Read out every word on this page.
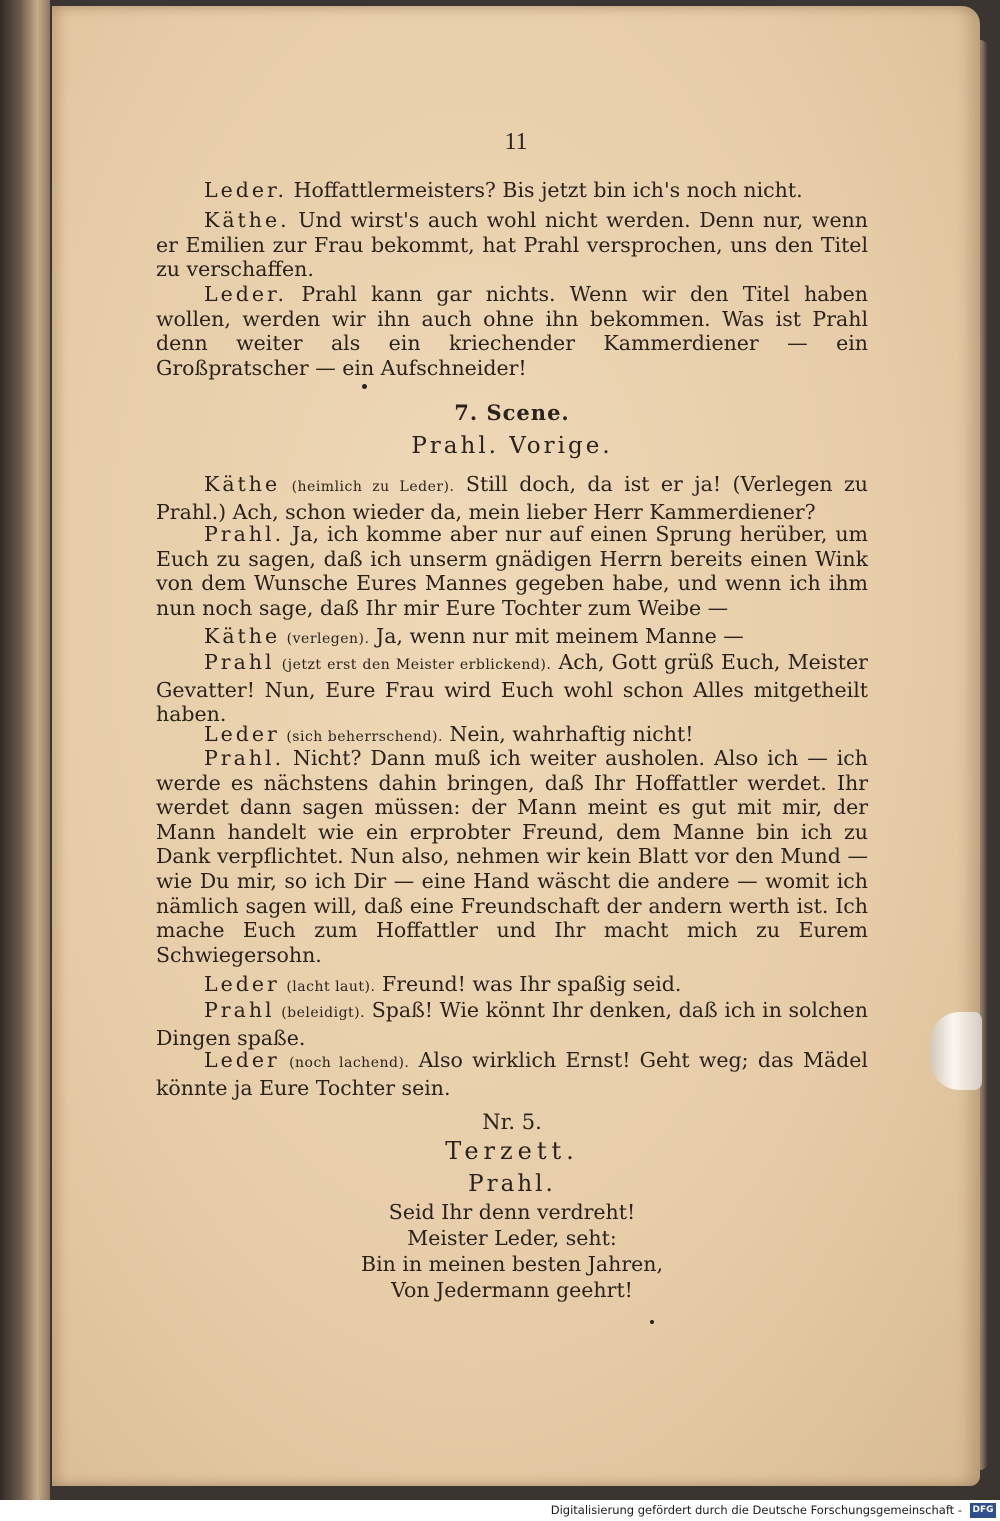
11

Leder. Hoffattlermeisters? Bis jetzt bin ich's noch nicht.

Käthe. Und wirst's auch wohl nicht werden. Denn nur, wenn er Emilien zur Frau bekommt, hat Prahl versprochen, uns den Titel zu verschaffen.

Leder. Prahl kann gar nichts. Wenn wir den Titel haben wollen, werden wir ihn auch ohne ihn bekommen. Was ist Prahl denn weiter als ein kriechender Kammerdiener — ein Großpratscher — ein Aufschneider!

7. Scene.
Prahl. Vorige.

Käthe (heimlich zu Leder). Still doch, da ist er ja! (Verlegen zu Prahl.) Ach, schon wieder da, mein lieber Herr Kammerdiener?

Prahl. Ja, ich komme aber nur auf einen Sprung herüber, um Euch zu sagen, daß ich unserm gnädigen Herrn bereits einen Wink von dem Wunsche Eures Mannes gegeben habe, und wenn ich ihm nun noch sage, daß Ihr mir Eure Tochter zum Weibe —

Käthe (verlegen). Ja, wenn nur mit meinem Manne —

Prahl (jetzt erst den Meister erblickend). Ach, Gott grüß Euch, Meister Gevatter! Nun, Eure Frau wird Euch wohl schon Alles mitgetheilt haben.

Leder (sich beherrschend). Nein, wahrhaftig nicht!

Prahl. Nicht? Dann muß ich weiter ausholen. Also ich — ich werde es nächstens dahin bringen, daß Ihr Hoffattler werdet. Ihr werdet dann sagen müssen: der Mann meint es gut mit mir, der Mann handelt wie ein erprobter Freund, dem Manne bin ich zu Dank verpflichtet. Nun also, nehmen wir kein Blatt vor den Mund — wie Du mir, so ich Dir — eine Hand wäscht die andere — womit ich nämlich sagen will, daß eine Freundschaft der andern werth ist. Ich mache Euch zum Hoffattler und Ihr macht mich zu Eurem Schwiegersohn.

Leder (lacht laut). Freund! was Ihr spaßig seid.

Prahl (beleidigt). Spaß! Wie könnt Ihr denken, daß ich in solchen Dingen spaße.

Leder (noch lachend). Also wirklich Ernst! Geht weg; das Mädel könnte ja Eure Tochter sein.

Nr. 5.
Terzett.
Prahl.
Seid Ihr denn verdreht!
Meister Leder, seht:
Bin in meinen besten Jahren,
Von Jedermann geehrt!
Digitalisierung gefördert durch die Deutsche Forschungsgemeinschaft - DFG
